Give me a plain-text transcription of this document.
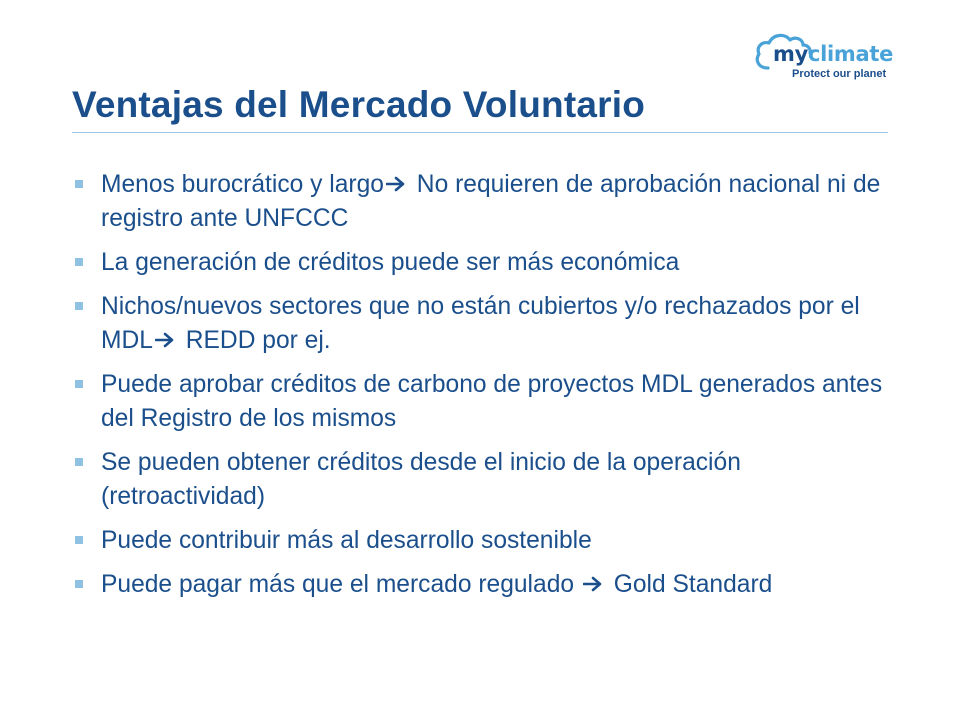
myclimate
Protect our planet
Ventajas del Mercado Voluntario
Menos burocrático y largo No requieren de aprobación nacional ni de registro ante UNFCCC
La generación de créditos puede ser más económica
Nichos/nuevos sectores que no están cubiertos y/o rechazados por el MDL REDD por ej.
Puede aprobar créditos de carbono de proyectos MDL generados antes del Registro de los mismos
Se pueden obtener créditos desde el inicio de la operación (retroactividad)
Puede contribuir más al desarrollo sostenible
Puede pagar más que el mercado regulado  Gold Standard
